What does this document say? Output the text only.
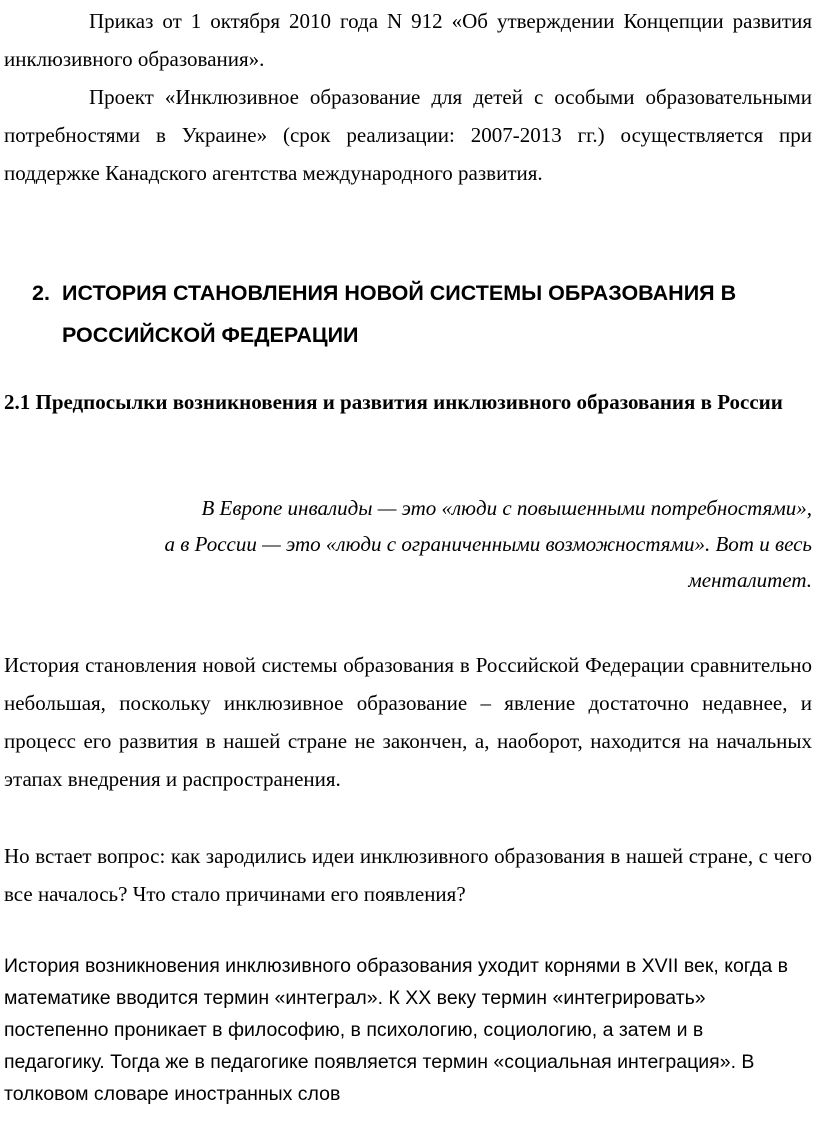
Приказ от 1 октября 2010 года N 912 «Об утверждении Концепции развития инклюзивного образования».

Проект «Инклюзивное образование для детей с особыми образовательными потребностями в Украине» (срок реализации: 2007-2013 гг.) осуществляется при поддержке Канадского агентства международного развития.

2. ИСТОРИЯ СТАНОВЛЕНИЯ НОВОЙ СИСТЕМЫ ОБРАЗОВАНИЯ В РОССИЙСКОЙ ФЕДЕРАЦИИ

2.1 Предпосылки возникновения и развития инклюзивного образования в России

В Европе инвалиды — это «люди с повышенными потребностями»,
а в России — это «люди с ограниченными возможностями». Вот и весь
менталитет.

История становления новой системы образования в Российской Федерации сравнительно небольшая, поскольку инклюзивное образование – явление достаточно недавнее, и процесс его развития в нашей стране не закончен, а, наоборот, находится на начальных этапах внедрения и распространения.

Но встает вопрос: как зародились идеи инклюзивного образования в нашей стране, с чего все началось? Что стало причинами его появления?

История возникновения инклюзивного образования уходит корнями в XVII век, когда в математике вводится термин «интеграл». К XX веку термин «интегрировать» постепенно проникает в философию, в психологию, социологию, а затем и в педагогику. Тогда же в педагогике появляется термин «социальная интеграция». В толковом словаре иностранных слов
